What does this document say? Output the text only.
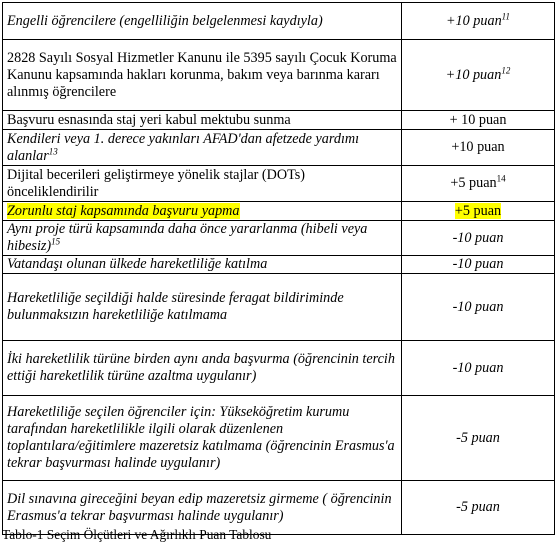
Engelli öğrencilere (engelliliğin belgelenmesi kaydıyla)	+10 puan$^{11}$
2828 Sayılı Sosyal Hizmetler Kanunu ile 5395 sayılı Çocuk Koruma Kanunu kapsamında hakları korunma, bakım veya barınma kararı alınmış öğrencilere	+10 puan$^{12}$
Başvuru esnasında staj yeri kabul mektubu sunma	+ 10 puan
Kendileri veya 1. derece yakınları AFAD'dan afetzede yardımı alanlar$^{13}$	+10 puan
Dijital becerileri geliştirmeye yönelik stajlar (DOTs) önceliklendirilir	+5 puan$^{14}$
Zorunlu staj kapsamında başvuru yapma	+5 puan
Aynı proje türü kapsamında daha önce yararlanma (hibeli veya hibesiz)$^{15}$	-10 puan
Vatandaşı olunan ülkede hareketliliğe katılma	-10 puan
Hareketliliğe seçildiği halde süresinde feragat bildiriminde bulunmaksızın hareketliliğe katılmama	-10 puan
İki hareketlilik türüne birden aynı anda başvurma (öğrencinin tercih ettiği hareketlilik türüne azaltma uygulanır)	-10 puan
Hareketliliğe seçilen öğrenciler için: Yükseköğretim kurumu tarafından hareketlilikle ilgili olarak düzenlenen toplantılara/eğitimlere mazeretsiz katılmama (öğrencinin Erasmus'a tekrar başvurması halinde uygulanır)	-5 puan
Dil sınavına gireceğini beyan edip mazeretsiz girmeme ( öğrencinin Erasmus'a tekrar başvurması halinde uygulanır)	-5 puan
Tablo-1 Seçim Ölçütleri ve Ağırlıklı Puan Tablosu
